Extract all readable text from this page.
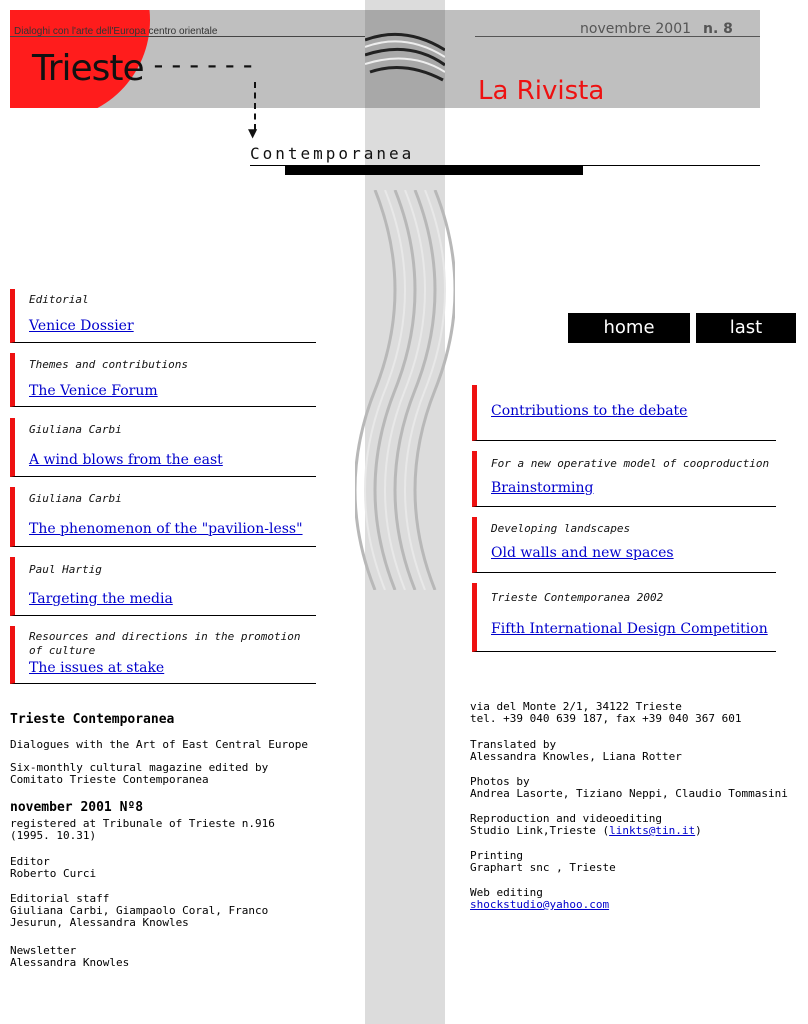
Dialoghi con l'arte dell'Europa centro orientale	novembre 2001 n. 8
Trieste ------
▼
La Rivista
Contemporanea
home	last edition
Editorial
Venice Dossier
Themes and contributions
The Venice Forum
Giuliana Carbi
A wind blows from the east
Giuliana Carbi
The phenomenon of the "pavilion-less"
Paul Hartig
Targeting the media
Resources and directions in the promotion of culture
The issues at stake
Contributions to the debate
For a new operative model of cooproduction
Brainstorming
Developing landscapes
Old walls and new spaces
Trieste Contemporanea 2002
Fifth International Design Competition
Trieste Contemporanea
Dialogues with the Art of East Central Europe
Six-monthly cultural magazine edited by
Comitato Trieste Contemporanea
november 2001 Nº8
registered at Tribunale of Trieste n.916
(1995. 10.31)
Editor
Roberto Curci
Editorial staff
Giuliana Carbi, Giampaolo Coral, Franco
Jesurun, Alessandra Knowles
Newsletter
Alessandra Knowles
via del Monte 2/1, 34122 Trieste
tel. +39 040 639 187, fax +39 040 367 601
Translated by
Alessandra Knowles, Liana Rotter
Photos by
Andrea Lasorte, Tiziano Neppi, Claudio Tommasini
Reproduction and videoediting
Studio Link,Trieste (linkts@tin.it)
Printing
Graphart snc , Trieste
Web editing
shockstudio@yahoo.com
